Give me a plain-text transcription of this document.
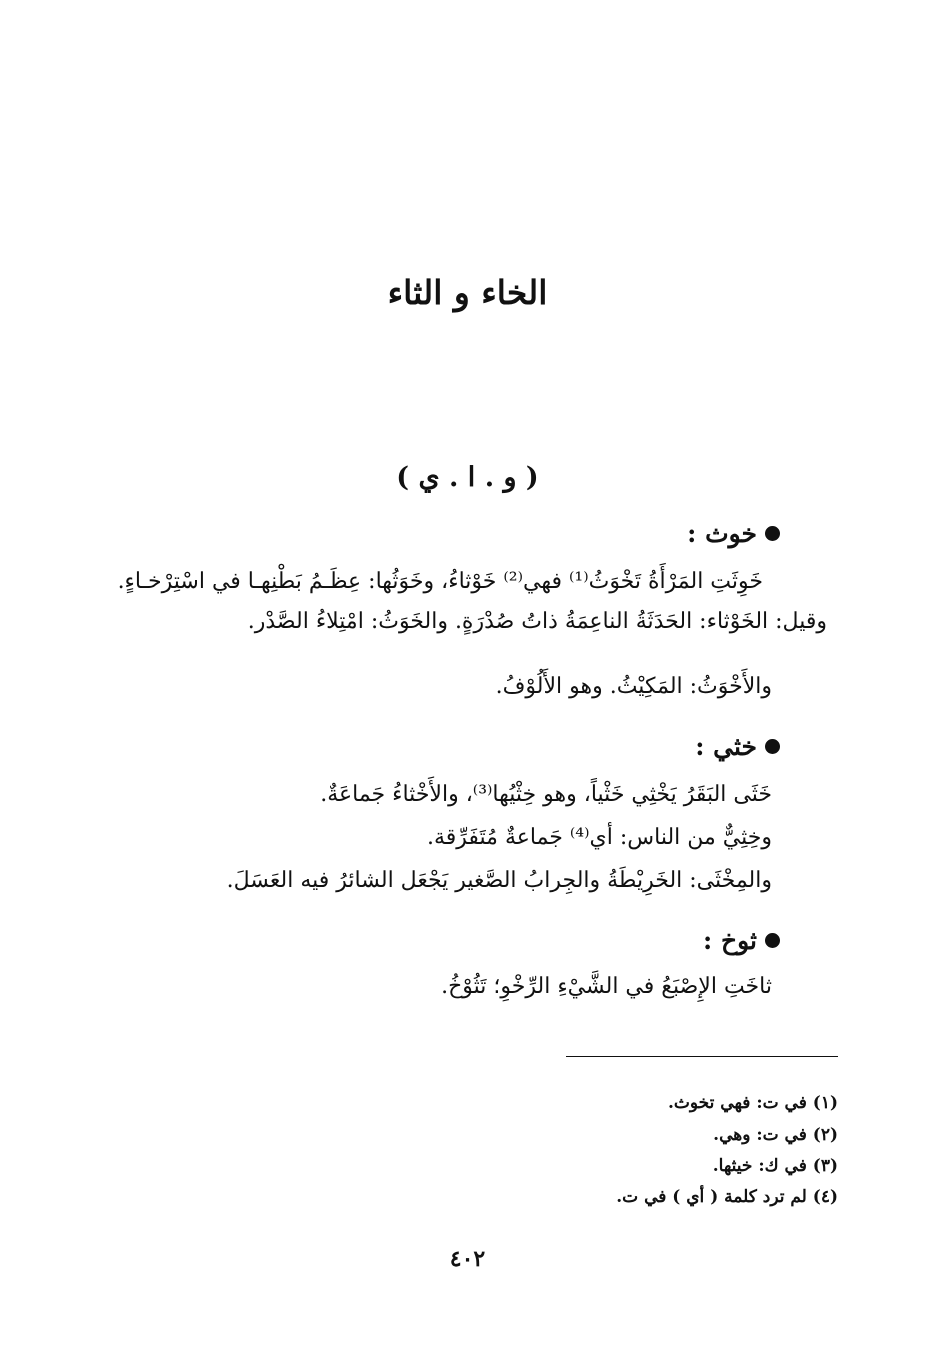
الخاء و الثاء
( و . ا . ي )
خوث :
خَوِثَتِ المَرْأَةُ تَخْوَثُ⁽¹⁾ فهي⁽²⁾ خَوْثاءُ، وخَوَثُها: عِظَـمُ بَطْنِهـا في اسْتِرْخـاءٍ.
وقيل: الخَوْثاء: الحَدَثَةُ الناعِمَةُ ذاتُ صُدْرَةٍ. والخَوَثُ: امْتِلاءُ الصَّدْر.
والأَخْوَثُ: المَكِيْثُ. وهو الأَلُوْفُ.
خثي :
خَثَى البَقَرُ يَخْثِي خَثْياً، وهو خِثْيُها⁽³⁾، والأَخْثاءُ جَماعَةٌ.
وخِثِيٌّ من الناس: أي⁽⁴⁾ جَماعةٌ مُتَفَرِّقة.
والمِخْثَى: الخَرِيْطَةُ والجِرابُ الصَّغير يَجْعَل الشائرُ فيه العَسَلَ.
ثوخ :
ثاخَتِ الإِصْبَعُ في الشَّيْءِ الرِّخْوِ؛ تَثُوْخُ.
(١) في ت: فهي تخوث.
(٢) في ت: وهي.
(٣) في ك: خيثها.
(٤) لم ترد كلمة ( أي ) في ت.
٤٠٢
